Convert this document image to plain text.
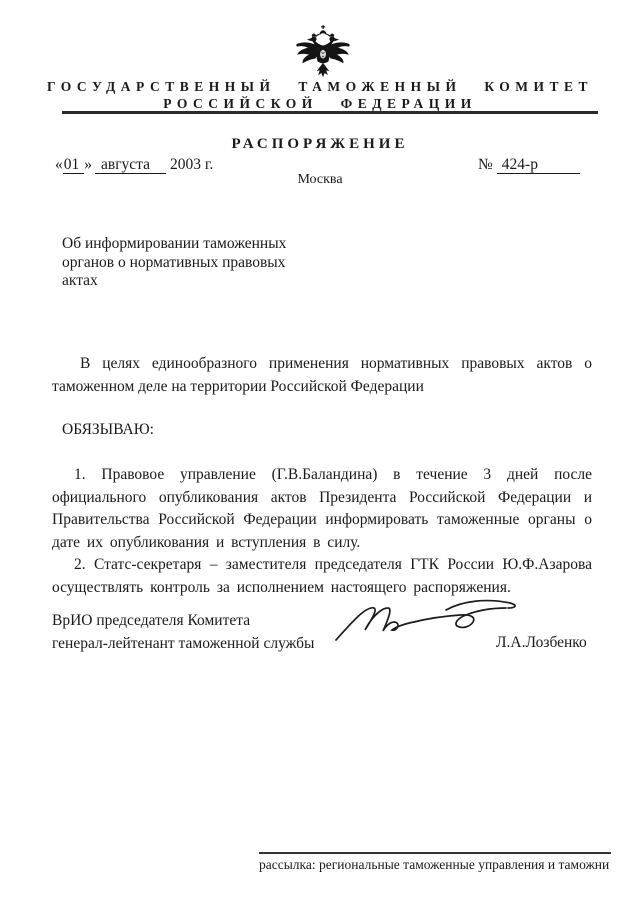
ГОСУДАРСТВЕННЫЙ ТАМОЖЕННЫЙ КОМИТЕТ
РОССИЙСКОЙ ФЕДЕРАЦИИ
РАСПОРЯЖЕНИЕ
«01 » августа 2003 г.	№ 424-р
Москва
Об информировании таможенных
органов о нормативных правовых
актах

В целях единообразного применения нормативных правовых актов о таможенном деле на территории Российской Федерации

ОБЯЗЫВАЮ:

1. Правовое управление (Г.В.Баландина) в течение 3 дней после официального опубликования актов Президента Российской Федерации и Правительства Российской Федерации информировать таможенные органы о дате их опубликования и вступления в силу.

2. Статс-секретаря – заместителя председателя ГТК России Ю.Ф.Азарова осуществлять контроль за исполнением настоящего распоряжения.

ВрИО председателя Комитета
генерал-лейтенант таможенной службы	Л.А.Лозбенко
рассылка: региональные таможенные управления и таможни
